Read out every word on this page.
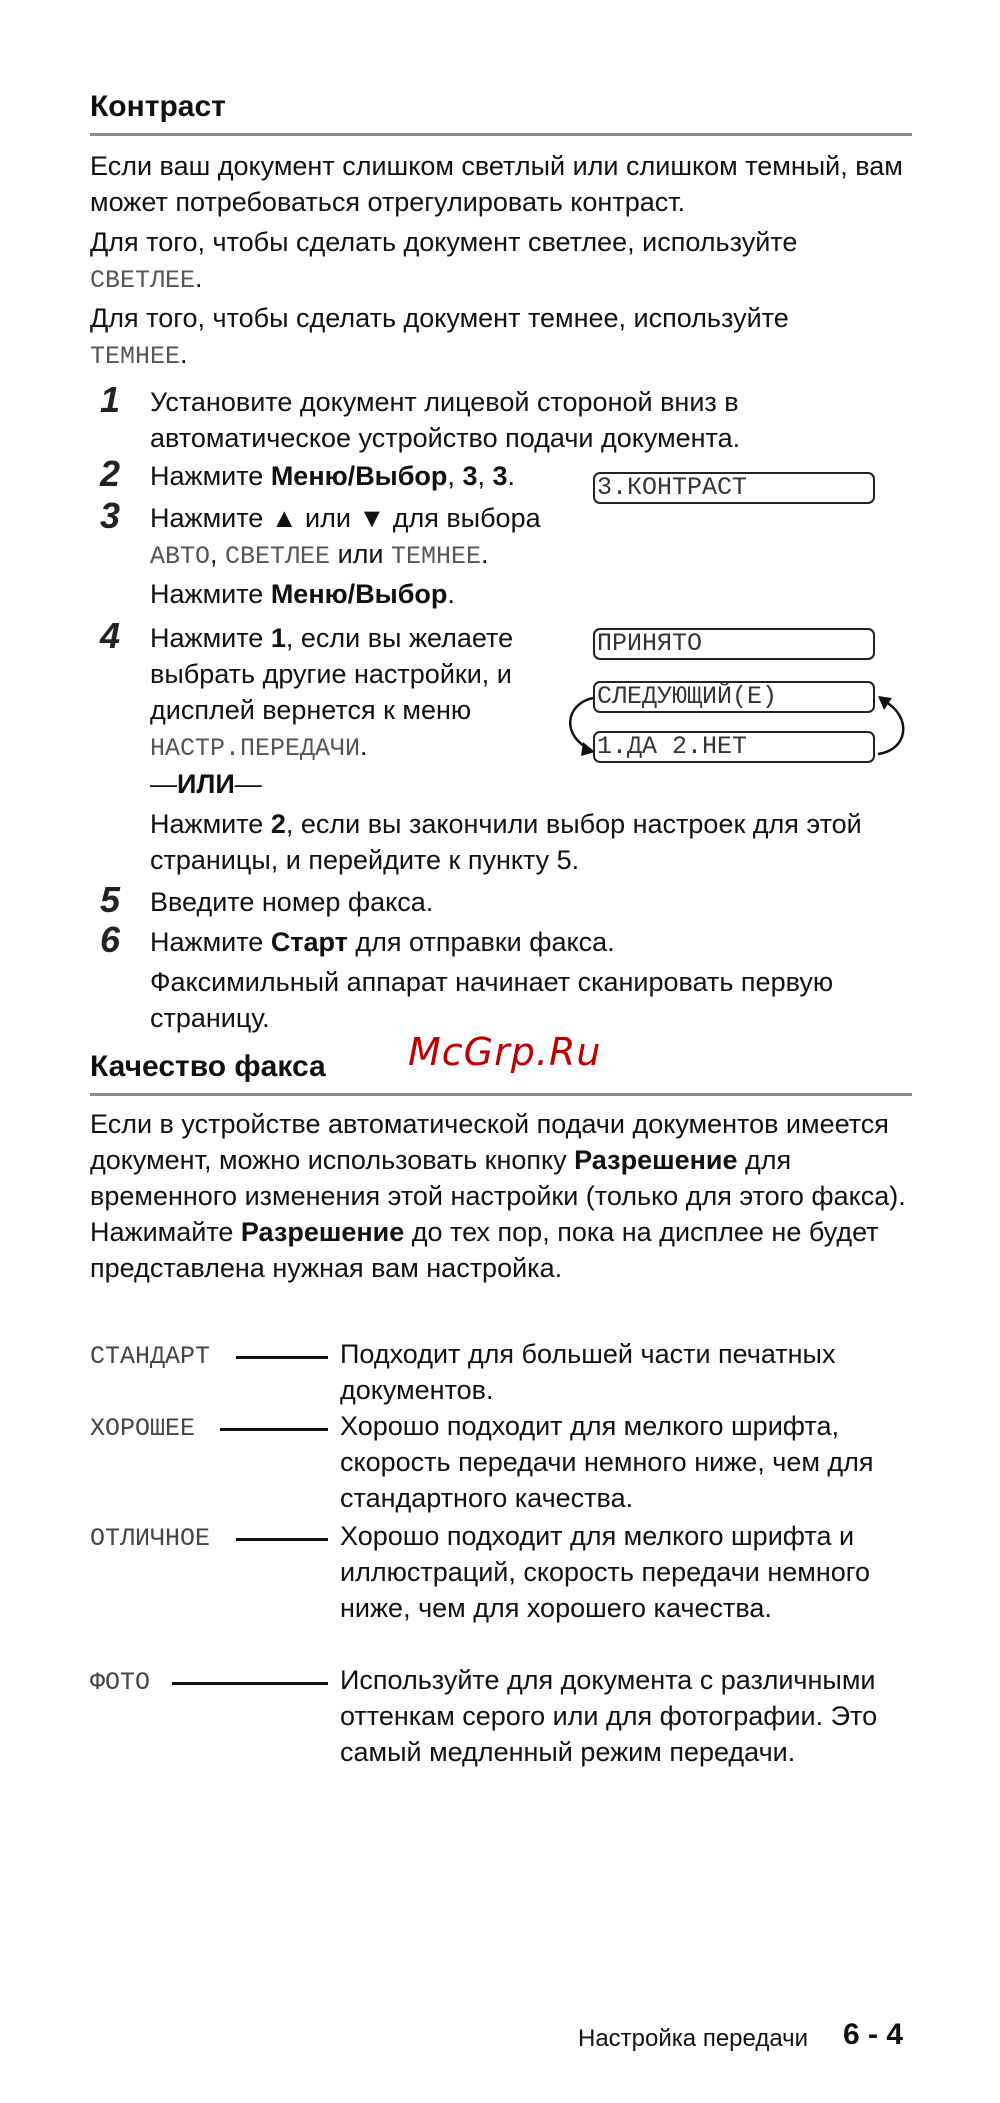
Контраст
Если ваш документ слишком светлый или слишком темный, вам может потребоваться отрегулировать контраст.
Для того, чтобы сделать документ светлее, используйте
СВЕТЛЕЕ.
Для того, чтобы сделать документ темнее, используйте
ТЕМНЕЕ.
1 Установите документ лицевой стороной вниз в автоматическое устройство подачи документа.
2 Нажмите Меню/Выбор, 3, 3.
3 Нажмите ▲ или ▼ для выбора
АВТО, СВЕТЛЕЕ или ТЕМНЕЕ.
Нажмите Меню/Выбор.
4 Нажмите 1, если вы желаете
выбрать другие настройки, и
дисплей вернется к меню
НАСТР.ПЕРЕДАЧИ.
—ИЛИ—
Нажмите 2, если вы закончили выбор настроек для этой страницы, и перейдите к пункту 5.
5 Введите номер факса.
6 Нажмите Старт для отправки факса.
Факсимильный аппарат начинает сканировать первую страницу.
3.КОНТРАСТ
ПРИНЯТО
СЛЕДУЮЩИЙ(Е)
1.ДА 2.НЕТ
McGrp.Ru
Качество факса
Если в устройстве автоматической подачи документов имеется документ, можно использовать кнопку Разрешение для временного изменения этой настройки (только для этого факса). Нажимайте Разрешение до тех пор, пока на дисплее не будет представлена нужная вам настройка.
СТАНДАРТ	Подходит для большей части печатных документов.
ХОРОШЕЕ	Хорошо подходит для мелкого шрифта, скорость передачи немного ниже, чем для стандартного качества.
ОТЛИЧНОЕ	Хорошо подходит для мелкого шрифта и иллюстраций, скорость передачи немного ниже, чем для хорошего качества.
ФОТО	Используйте для документа с различными оттенкам серого или для фотографии. Это самый медленный режим передачи.
Настройка передачи 6 - 4
